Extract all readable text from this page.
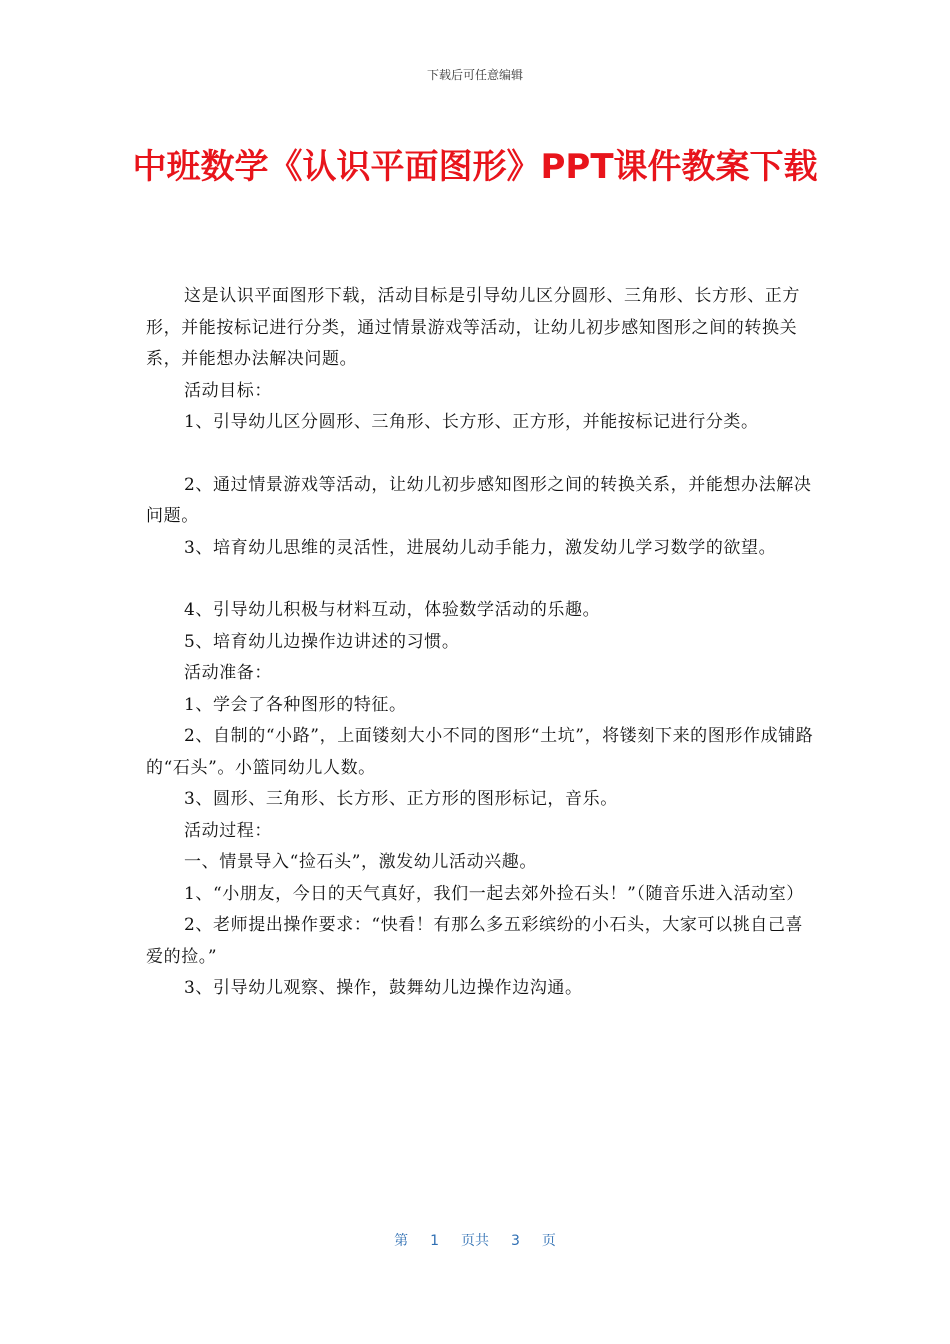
下载后可任意编辑
中班数学《认识平面图形》PPT课件教案下载

这是认识平面图形下载，活动目标是引导幼儿区分圆形、三角形、长方形、正方形，并能按标记进行分类，通过情景游戏等活动，让幼儿初步感知图形之间的转换关系，并能想办法解决问题。

活动目标：

1、引导幼儿区分圆形、三角形、长方形、正方形，并能按标记进行分类。

2、通过情景游戏等活动，让幼儿初步感知图形之间的转换关系，并能想办法解决问题。

3、培育幼儿思维的灵活性，进展幼儿动手能力，激发幼儿学习数学的欲望。

4、引导幼儿积极与材料互动，体验数学活动的乐趣。

5、培育幼儿边操作边讲述的习惯。

活动准备：

1、学会了各种图形的特征。

2、自制的“小路”，上面镂刻大小不同的图形“土坑”，将镂刻下来的图形作成铺路的“石头”。小篮同幼儿人数。

3、圆形、三角形、长方形、正方形的图形标记，音乐。

活动过程：

一、情景导入“捡石头”，激发幼儿活动兴趣。

1、“小朋友，今日的天气真好，我们一起去郊外捡石头！”（随音乐进入活动室）

2、老师提出操作要求：“快看！有那么多五彩缤纷的小石头，大家可以挑自己喜爱的捡。”

3、引导幼儿观察、操作，鼓舞幼儿边操作边沟通。

第 1 页共 3 页
